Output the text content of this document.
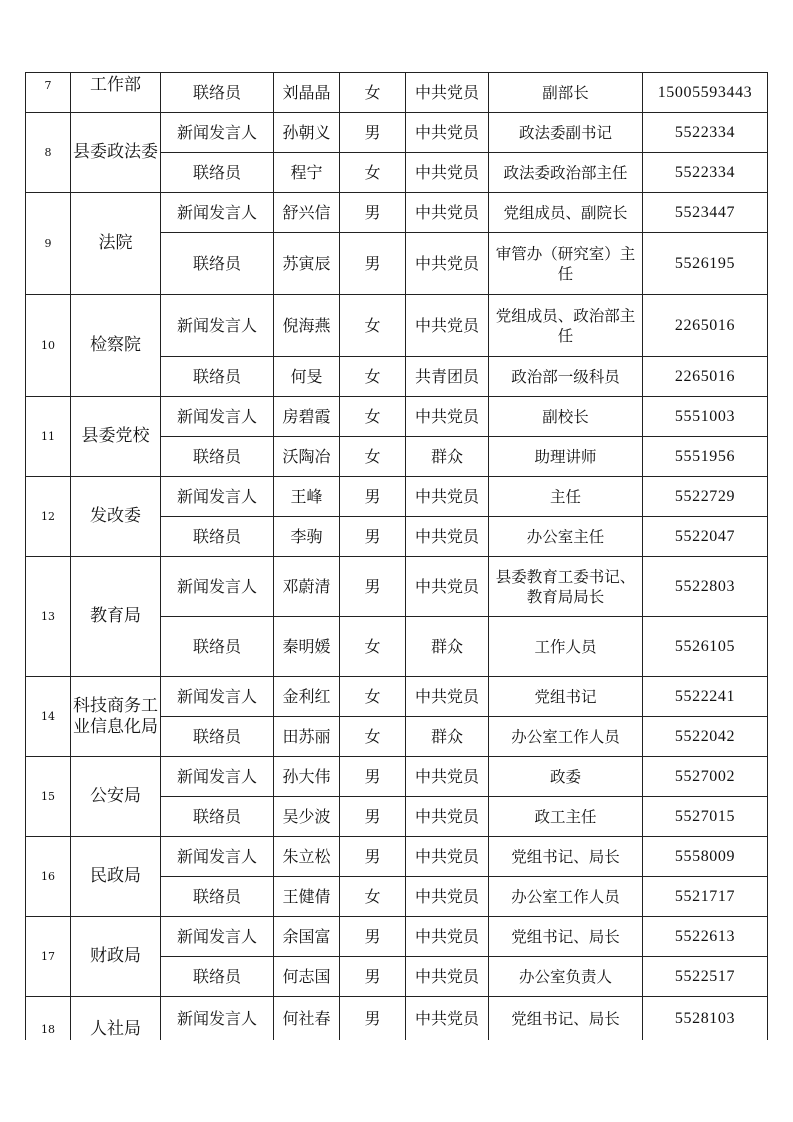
7	工作部	联络员	刘晶晶	女	中共党员	副部长	15005593443
8	县委政法委	新闻发言人	孙朝义	男	中共党员	政法委副书记	5522334
		联络员	程宁	女	中共党员	政法委政治部主任	5522334
9	法院	新闻发言人	舒兴信	男	中共党员	党组成员、副院长	5523447
		联络员	苏寅辰	男	中共党员	审管办（研究室）主任	5526195
10	检察院	新闻发言人	倪海燕	女	中共党员	党组成员、政治部主任	2265016
		联络员	何旻	女	共青团员	政治部一级科员	2265016
11	县委党校	新闻发言人	房碧霞	女	中共党员	副校长	5551003
		联络员	沃陶冶	女	群众	助理讲师	5551956
12	发改委	新闻发言人	王峰	男	中共党员	主任	5522729
		联络员	李驹	男	中共党员	办公室主任	5522047
13	教育局	新闻发言人	邓蔚清	男	中共党员	县委教育工委书记、教育局局长	5522803
		联络员	秦明媛	女	群众	工作人员	5526105
14	科技商务工业信息化局	新闻发言人	金利红	女	中共党员	党组书记	5522241
		联络员	田苏丽	女	群众	办公室工作人员	5522042
15	公安局	新闻发言人	孙大伟	男	中共党员	政委	5527002
		联络员	吴少波	男	中共党员	政工主任	5527015
16	民政局	新闻发言人	朱立松	男	中共党员	党组书记、局长	5558009
		联络员	王健倩	女	中共党员	办公室工作人员	5521717
17	财政局	新闻发言人	余国富	男	中共党员	党组书记、局长	5522613
		联络员	何志国	男	中共党员	办公室负责人	5522517

18	人社局	新闻发言人	何社春	男	中共党员	党组书记、局长	5528103
